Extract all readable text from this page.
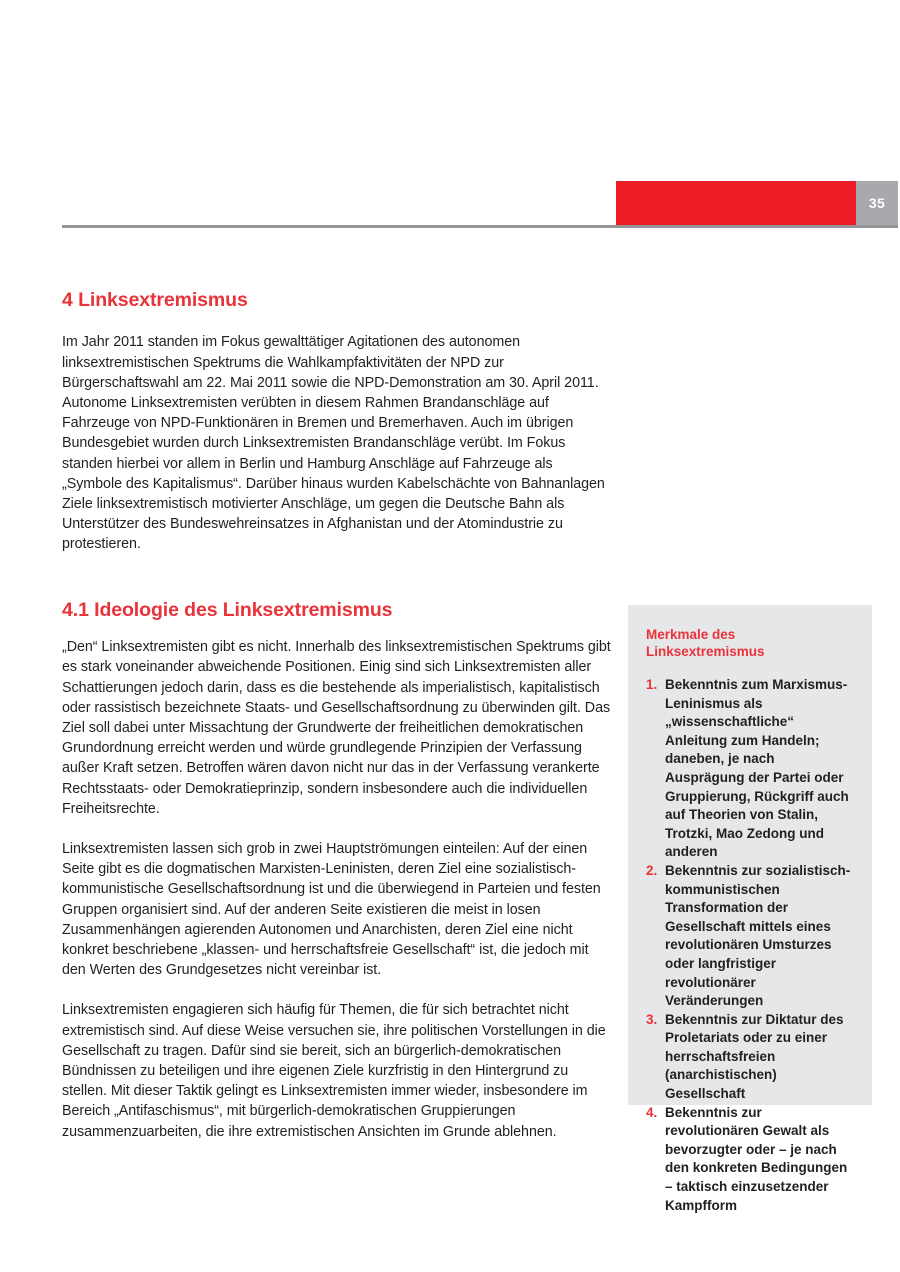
35
4 Linksextremismus

Im Jahr 2011 standen im Fokus gewalttätiger Agitationen des autonomen linksextremistischen Spektrums die Wahlkampfaktivitäten der NPD zur Bürgerschaftswahl am 22. Mai 2011 sowie die NPD-Demonstration am 30. April 2011. Autonome Linksextremisten verübten in diesem Rahmen Brandanschläge auf Fahrzeuge von NPD-Funktionären in Bremen und Bremerhaven. Auch im übrigen Bundesgebiet wurden durch Linksextremisten Brandanschläge verübt. Im Fokus standen hierbei vor allem in Berlin und Hamburg Anschläge auf Fahrzeuge als „Symbole des Kapitalismus“. Darüber hinaus wurden Kabelschächte von Bahnanlagen Ziele linksextremistisch motivierter Anschläge, um gegen die Deutsche Bahn als Unterstützer des Bundeswehreinsatzes in Afghanistan und der Atomindustrie zu protestieren.

4.1 Ideologie des Linksextremismus

„Den“ Linksextremisten gibt es nicht. Innerhalb des linksextremistischen Spektrums gibt es stark voneinander abweichende Positionen. Einig sind sich Linksextremisten aller Schattierungen jedoch darin, dass es die bestehende als imperialistisch, kapitalistisch oder rassistisch bezeichnete Staats- und Gesellschaftsordnung zu überwinden gilt. Das Ziel soll dabei unter Missachtung der Grundwerte der freiheitlichen demokratischen Grundordnung erreicht werden und würde grundlegende Prinzipien der Verfassung außer Kraft setzen. Betroffen wären davon nicht nur das in der Verfassung verankerte Rechtsstaats- oder Demokratieprinzip, sondern insbesondere auch die individuellen Freiheitsrechte.

Linksextremisten lassen sich grob in zwei Hauptströmungen einteilen: Auf der einen Seite gibt es die dogmatischen Marxisten-Leninisten, deren Ziel eine sozialistisch-kommunistische Gesellschaftsordnung ist und die überwiegend in Parteien und festen Gruppen organisiert sind. Auf der anderen Seite existieren die meist in losen Zusammenhängen agierenden Autonomen und Anarchisten, deren Ziel eine nicht konkret beschriebene „klassen- und herrschaftsfreie Gesellschaft“ ist, die jedoch mit den Werten des Grundgesetzes nicht vereinbar ist.

Linksextremisten engagieren sich häufig für Themen, die für sich betrachtet nicht extremistisch sind. Auf diese Weise versuchen sie, ihre politischen Vorstellungen in die Gesellschaft zu tragen. Dafür sind sie bereit, sich an bürgerlich-demokratischen Bündnissen zu beteiligen und ihre eigenen Ziele kurzfristig in den Hintergrund zu stellen. Mit dieser Taktik gelingt es Linksextremisten immer wieder, insbesondere im Bereich „Antifaschismus“, mit bürgerlich-demokratischen Gruppierungen zusammenzuarbeiten, die ihre extremistischen Ansichten im Grunde ablehnen.

Merkmale des Linksextremismus
1. Bekenntnis zum Marxismus-Leninismus als „wissenschaftliche“ Anleitung zum Handeln; daneben, je nach Ausprägung der Partei oder Gruppierung, Rückgriff auch auf Theorien von Stalin, Trotzki, Mao Zedong und anderen
2. Bekenntnis zur sozialistisch-kommunistischen Transformation der Gesellschaft mittels eines revolutionären Umsturzes oder langfristiger revolutionärer Veränderungen
3. Bekenntnis zur Diktatur des Proletariats oder zu einer herrschaftsfreien (anarchistischen) Gesellschaft
4. Bekenntnis zur revolutionären Gewalt als bevorzugter oder – je nach den konkreten Bedingungen – taktisch einzusetzender Kampfform
